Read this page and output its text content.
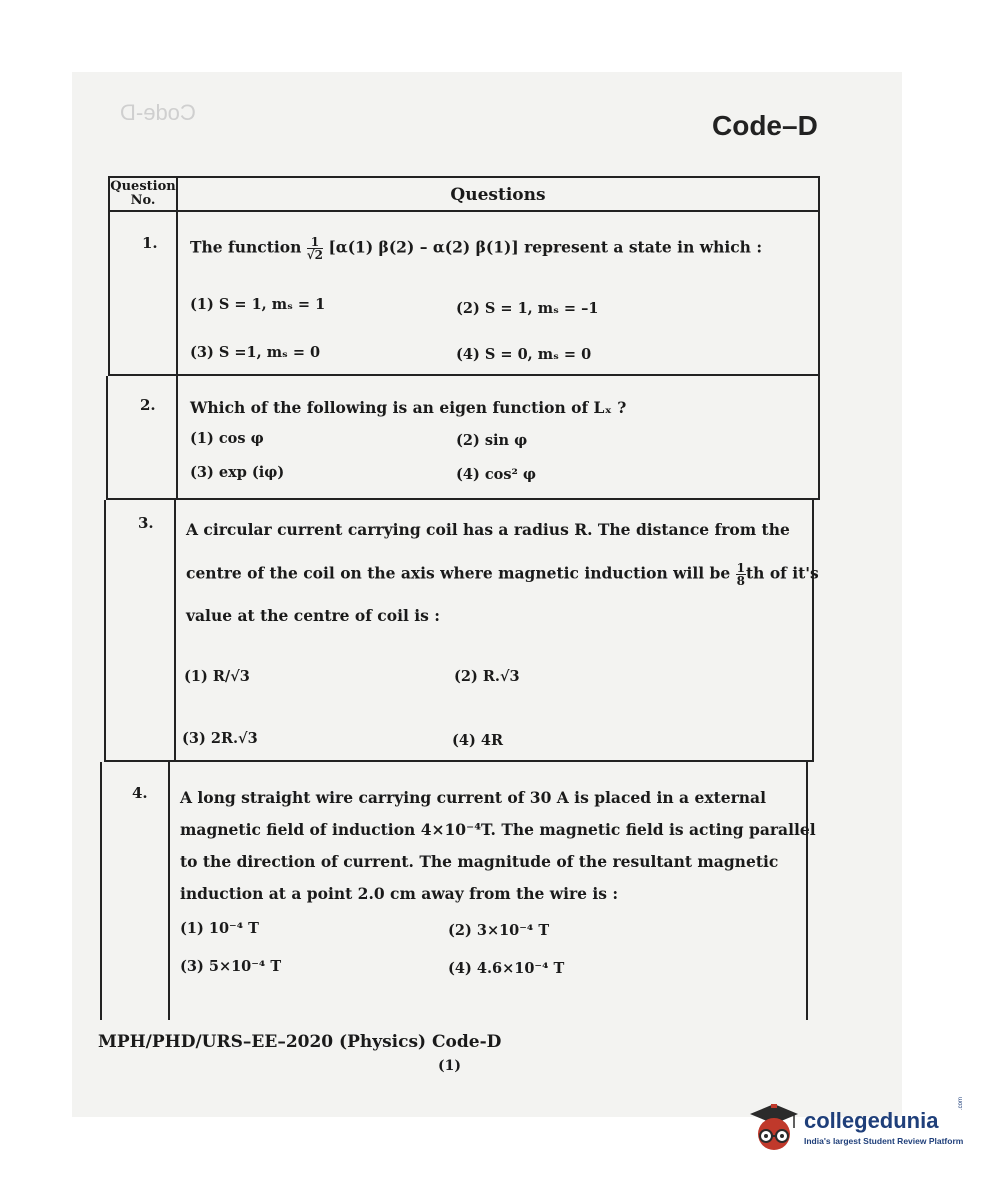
Code-D	Code–D
Question No.	Questions
1. The function $\frac{1}{√2} [\alpha(1)$ β(2) – α(2) β(1)] represent a state in which :
(1) S = 1, mₛ = 1	(2) S = 1, mₛ = –1
(3) S =1, mₛ = 0	(4) S = 0, mₛ = 0
2. Which of the following is an eigen function of Lₓ ?
(1) cos φ	(2) sin φ
(3) exp (iφ)	(4) cos² φ
3. A circular current carrying coil has a radius R. The distance from the
centre of the coil on the axis where magnetic induction will be $\frac{1}{8}$ th of it's
value at the centre of coil is :
(1) R/√3	(2) R.√3
(3) 2R.√3	(4) 4R
4. A long straight wire carrying current of 30 A is placed in a external
magnetic field of induction 4×10⁻⁴T. The magnetic field is acting parallel
to the direction of current. The magnitude of the resultant magnetic
induction at a point 2.0 cm away from the wire is :
(1) 10⁻⁴ T	(2) 3×10⁻⁴ T
(3) 5×10⁻⁴ T	(4) 4.6×10⁻⁴ T
MPH/PHD/URS–EE–2020 (Physics) Code-D
(1)
collegedunia
.com
India's largest Student Review Platform
